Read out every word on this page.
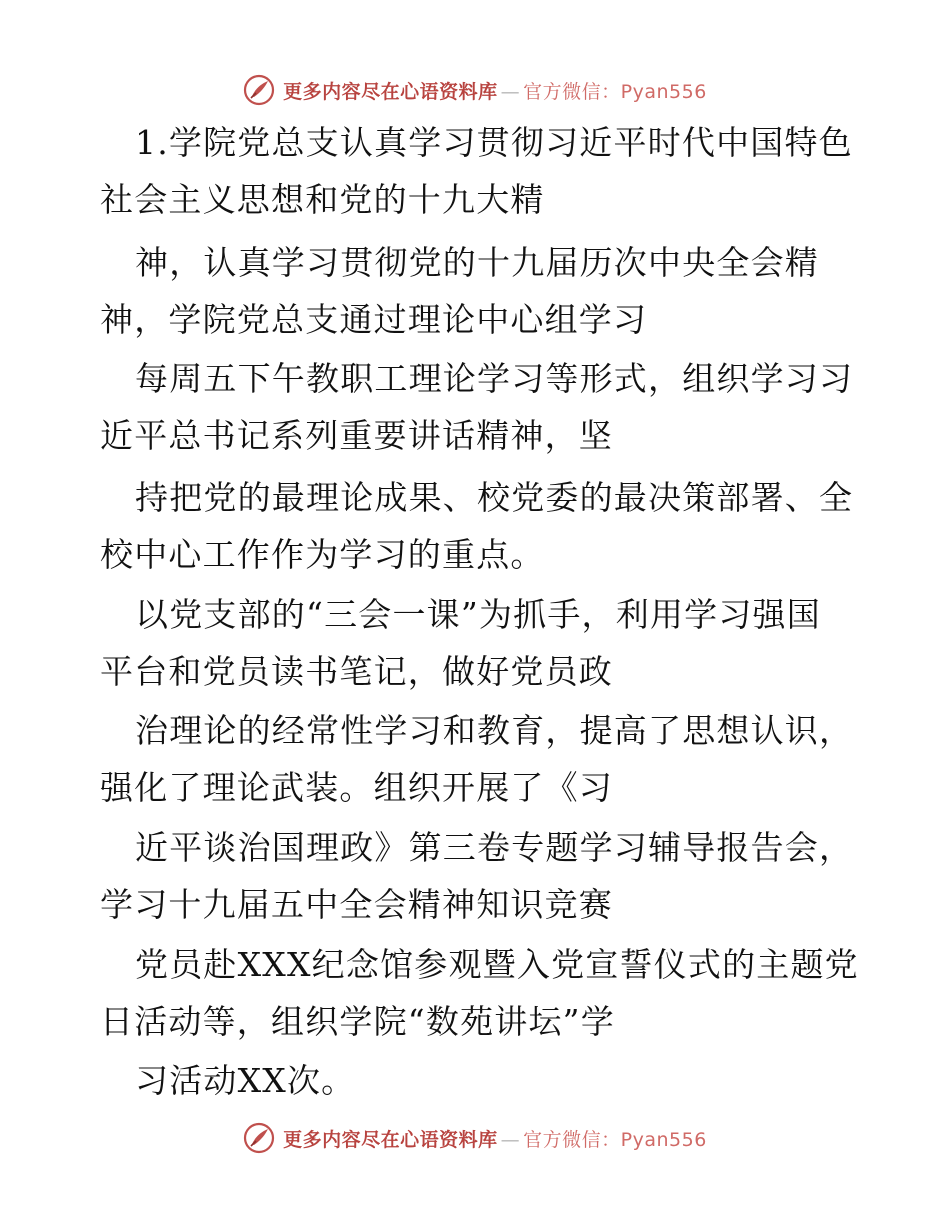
更多内容尽在心语资料库 — 官方微信：Pyan556
1.学院党总支认真学习贯彻习近平时代中国特色
社会主义思想和党的十九大精
神，认真学习贯彻党的十九届历次中央全会精
神，学院党总支通过理论中心组学习
每周五下午教职工理论学习等形式，组织学习习
近平总书记系列重要讲话精神，坚
持把党的最理论成果、校党委的最决策部署、全
校中心工作作为学习的重点。
以党支部的“三会一课”为抓手，利用学习强国
平台和党员读书笔记，做好党员政
治理论的经常性学习和教育，提高了思想认识，
强化了理论武装。组织开展了《习
近平谈治国理政》第三卷专题学习辅导报告会，
学习十九届五中全会精神知识竞赛
党员赴XXX纪念馆参观暨入党宣誓仪式的主题党
日活动等，组织学院“数苑讲坛”学
习活动XX次。
更多内容尽在心语资料库 — 官方微信：Pyan556
